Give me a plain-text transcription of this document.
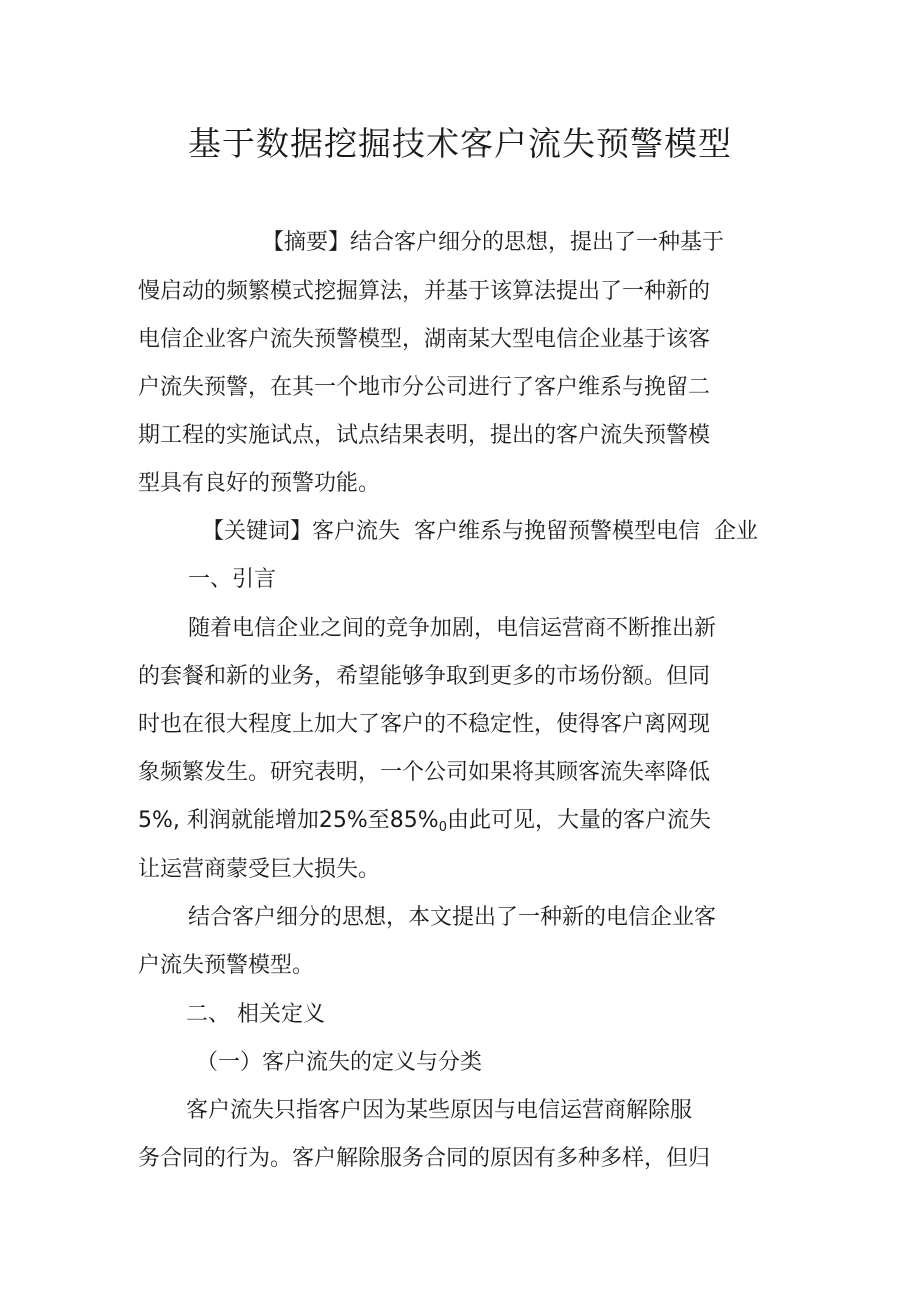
基于数据挖掘技术客户流失预警模型
【摘要】结合客户细分的思想，提出了一种基于
慢启动的频繁模式挖掘算法，并基于该算法提出了一种新的
电信企业客户流失预警模型，湖南某大型电信企业基于该客
户流失预警，在其一个地市分公司进行了客户维系与挽留二
期工程的实施试点，试点结果表明，提出的客户流失预警模
型具有良好的预警功能。
【关键词】客户流失  客户维系与挽留预警模型电信  企业
一、引言
随着电信企业之间的竞争加剧，电信运营商不断推出新
的套餐和新的业务，希望能够争取到更多的市场份额。但同
时也在很大程度上加大了客户的不稳定性，使得客户离网现
象频繁发生。研究表明，一个公司如果将其顾客流失率降低
5%, 利润就能增加25%至$85\%_0$由此可见，大量的客户流失
让运营商蒙受巨大损失。
结合客户细分的思想，本文提出了一种新的电信企业客
户流失预警模型。
二、 相关定义
（一）客户流失的定义与分类
客户流失只指客户因为某些原因与电信运营商解除服
务合同的行为。客户解除服务合同的原因有多种多样，但归
